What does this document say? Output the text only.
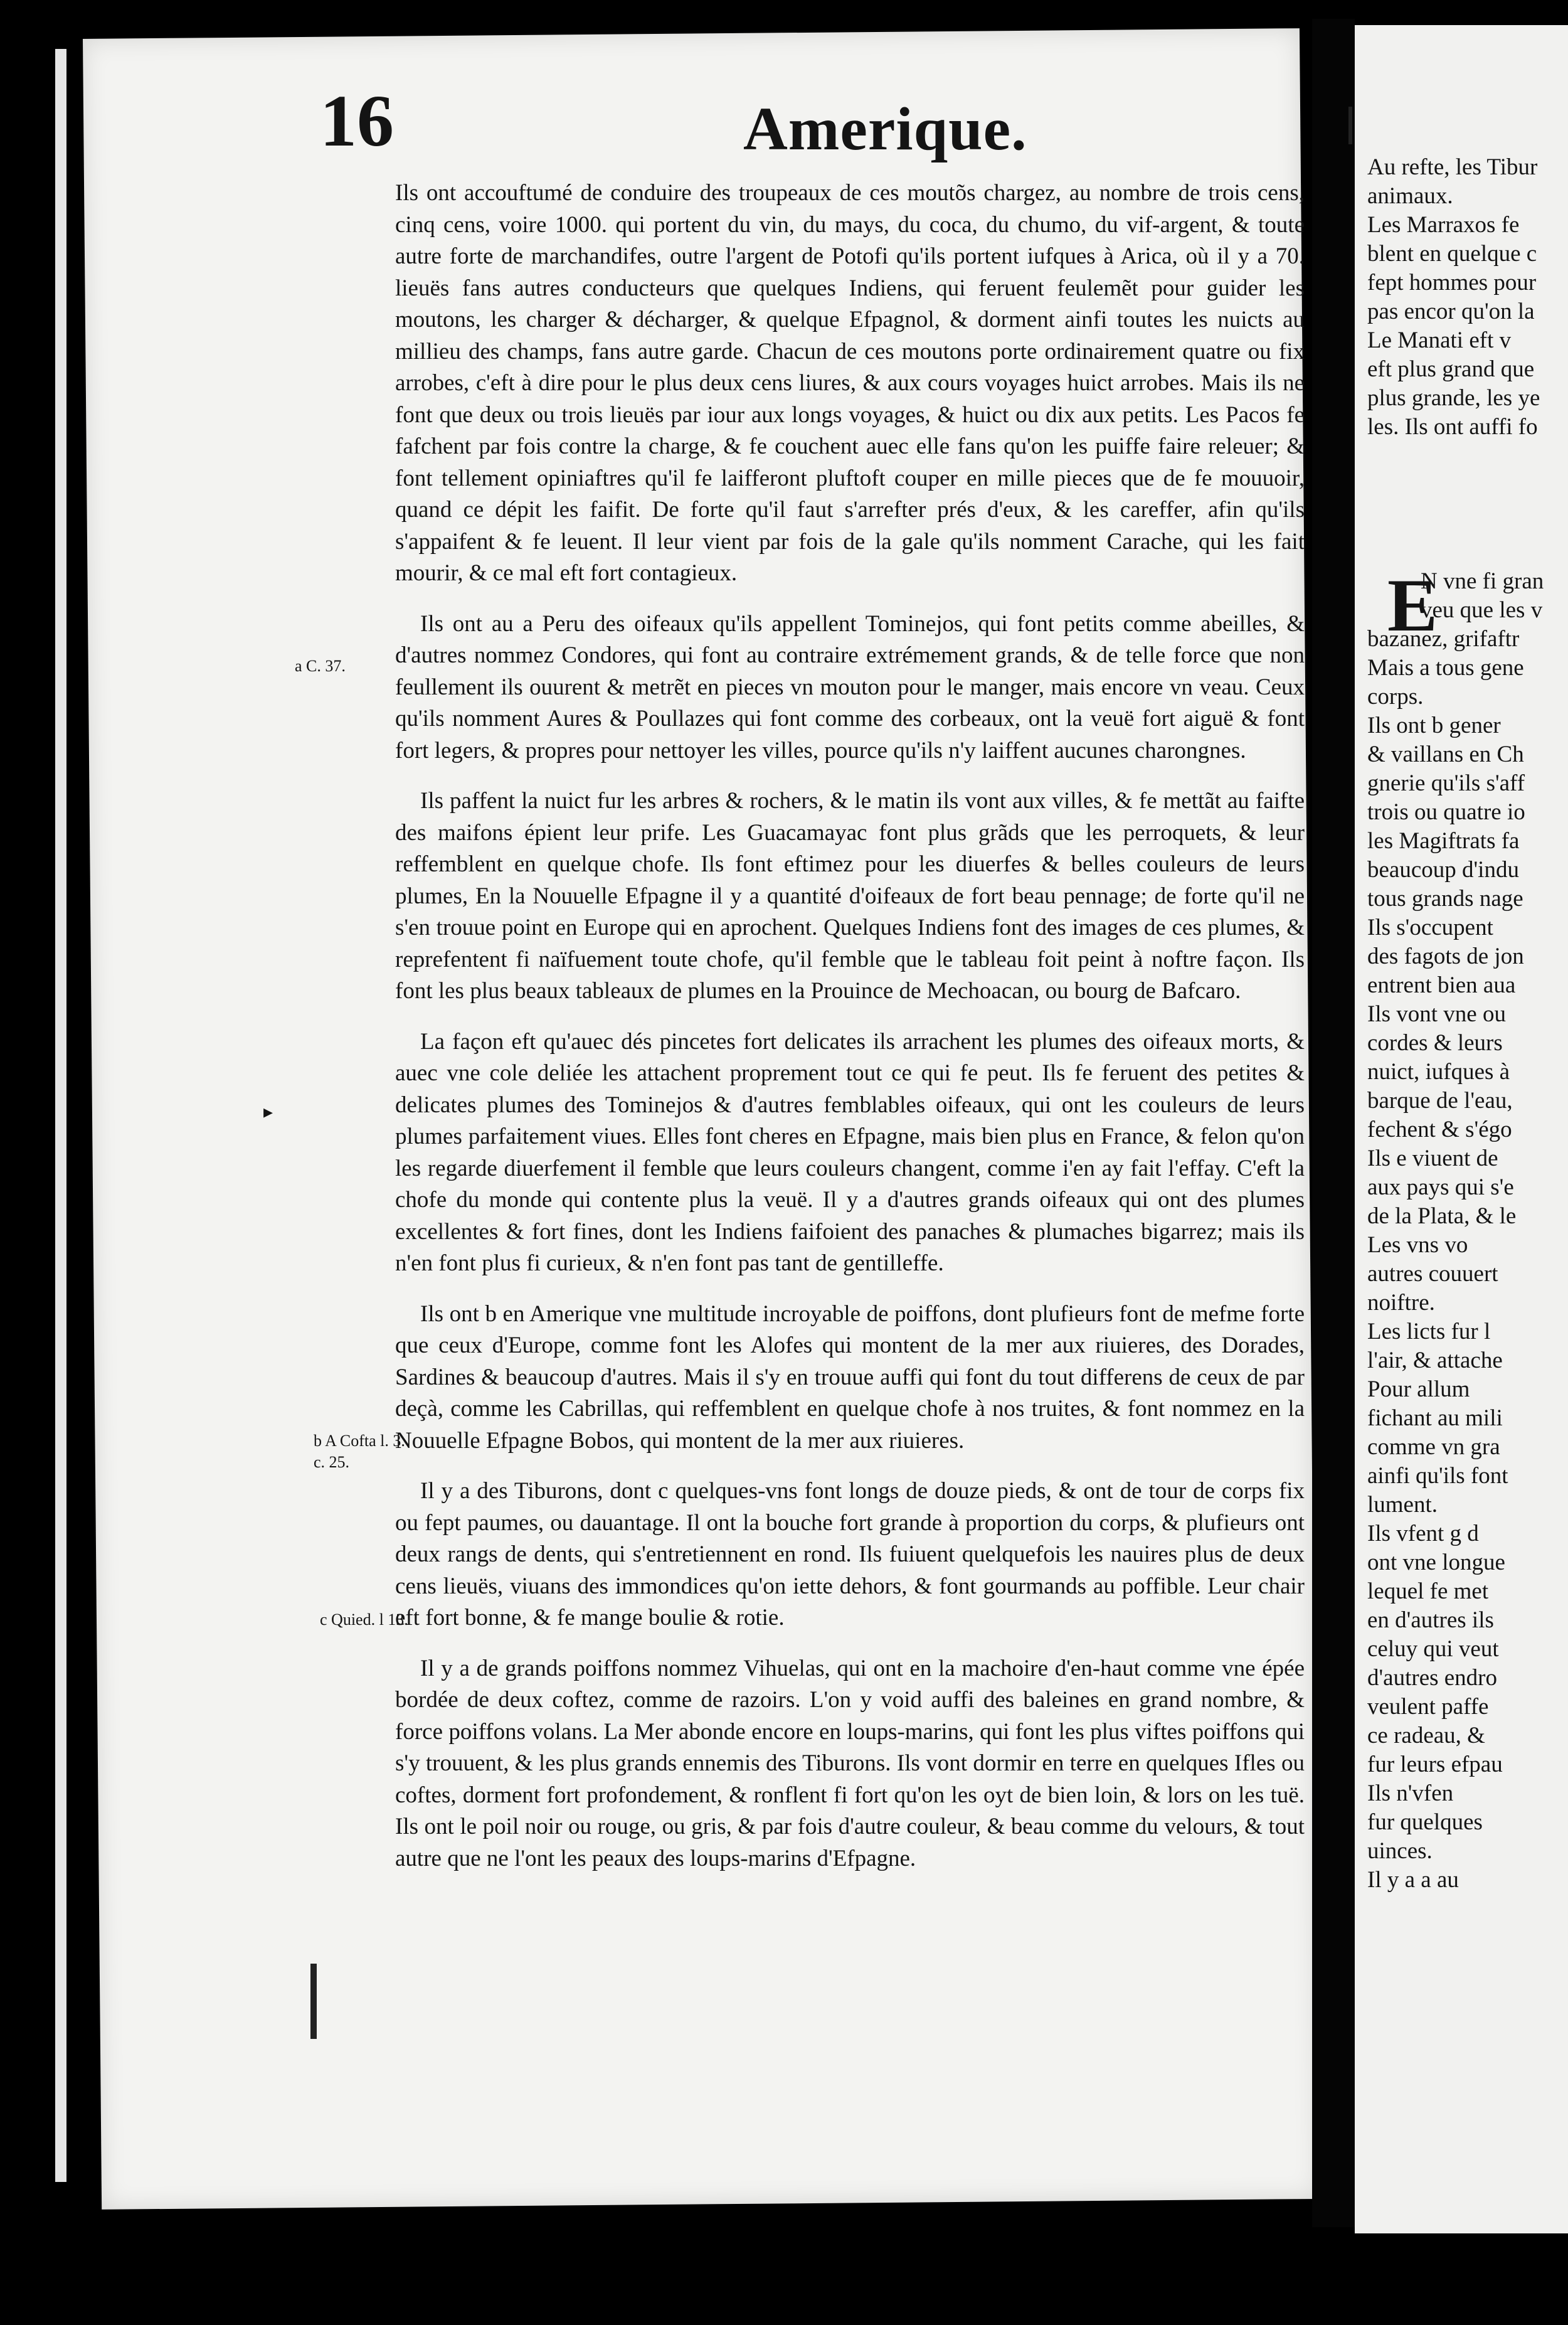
Au refte, les Tibur

animaux.

Les Marraxos fe

blent en quelque c

fept hommes pour

pas encor qu'on la

Le Manati eft v

eft plus grand que

plus grande, les ye

les. Ils ont auffi fo

N vne fi gran

veu que les v

bazanez, grifaftr

Mais a tous gene

corps.

Ils ont b gener

& vaillans en Ch

gnerie qu'ils s'aff

trois ou quatre io

les Magiftrats fa

beaucoup d'indu

tous grands nage

Ils s'occupent

des fagots de jon

entrent bien aua

Ils vont vne ou

cordes & leurs

nuict, iufques à

barque de l'eau,

fechent & s'égo

Ils e viuent de

aux pays qui s'e

de la Plata, & le

Les vns vo

autres couuert

noiftre.

Les licts fur l

l'air, & attache

Pour allum

fichant au mili

comme vn gra

ainfi qu'ils font

lument.

Ils vfent g d

ont vne longue

lequel fe met

en d'autres ils

celuy qui veut

d'autres endro

veulent paffe

ce radeau, &

fur leurs efpau

Ils n'vfen

fur quelques

uinces.

Il y a a au

E

16	Amerique.

Ils ont accouftumé de conduire des troupeaux de ces moutõs chargez, au nombre de trois cens, cinq cens, voire 1000. qui portent du vin, du mays, du coca, du chumo, du vif-argent, & toute autre forte de marchandifes, outre l'argent de Potofi qu'ils portent iufques à Arica, où il y a 70. lieuës fans autres conducteurs que quelques Indiens, qui feruent feulemẽt pour guider les moutons, les charger & décharger, & quelque Efpagnol, & dorment ainfi toutes les nuicts au millieu des champs, fans autre garde. Chacun de ces moutons porte ordinairement quatre ou fix arrobes, c'eft à dire pour le plus deux cens liures, & aux cours voyages huict arrobes. Mais ils ne font que deux ou trois lieuës par iour aux longs voyages, & huict ou dix aux petits. Les Pacos fe fafchent par fois contre la charge, & fe couchent auec elle fans qu'on les puiffe faire releuer; & font tellement opiniaftres qu'il fe laifferont pluftoft couper en mille pieces que de fe mouuoir, quand ce dépit les faifit. De forte qu'il faut s'arrefter prés d'eux, & les careffer, afin qu'ils s'appaifent & fe leuent. Il leur vient par fois de la gale qu'ils nomment Carache, qui les fait mourir, & ce mal eft fort contagieux.

Ils ont au a Peru des oifeaux qu'ils appellent Tominejos, qui font petits comme abeilles, & d'autres nommez Condores, qui font au contraire extrémement grands, & de telle force que non feullement ils ouurent & metrẽt en pieces vn mouton pour le manger, mais encore vn veau. Ceux qu'ils nomment Aures & Poullazes qui font comme des corbeaux, ont la veuë fort aiguë & font fort legers, & propres pour nettoyer les villes, pource qu'ils n'y laiffent aucunes charongnes.

Ils paffent la nuict fur les arbres & rochers, & le matin ils vont aux villes, & fe mettãt au faifte des maifons épient leur prife. Les Guacamayac font plus grãds que les perroquets, & leur reffemblent en quelque chofe. Ils font eftimez pour les diuerfes & belles couleurs de leurs plumes, En la Nouuelle Efpagne il y a quantité d'oifeaux de fort beau pennage; de forte qu'il ne s'en trouue point en Europe qui en aprochent. Quelques Indiens font des images de ces plumes, & reprefentent fi naïfuement toute chofe, qu'il femble que le tableau foit peint à noftre façon. Ils font les plus beaux tableaux de plumes en la Prouince de Mechoacan, ou bourg de Bafcaro.

La façon eft qu'auec dés pincetes fort delicates ils arrachent les plumes des oifeaux morts, & auec vne cole deliée les attachent proprement tout ce qui fe peut. Ils fe feruent des petites & delicates plumes des Tominejos & d'autres femblables oifeaux, qui ont les couleurs de leurs plumes parfaitement viues. Elles font cheres en Efpagne, mais bien plus en France, & felon qu'on les regarde diuerfement il femble que leurs couleurs changent, comme i'en ay fait l'effay. C'eft la chofe du monde qui contente plus la veuë. Il y a d'autres grands oifeaux qui ont des plumes excellentes & fort fines, dont les Indiens faifoient des panaches & plumaches bigarrez; mais ils n'en font plus fi curieux, & n'en font pas tant de gentilleffe.

Ils ont b en Amerique vne multitude incroyable de poiffons, dont plufieurs font de mefme forte que ceux d'Europe, comme font les Alofes qui montent de la mer aux riuieres, des Dorades, Sardines & beaucoup d'autres. Mais il s'y en trouue auffi qui font du tout differens de ceux de par deçà, comme les Cabrillas, qui reffemblent en quelque chofe à nos truites, & font nommez en la Nouuelle Efpagne Bobos, qui montent de la mer aux riuieres.

Il y a des Tiburons, dont c quelques-vns font longs de douze pieds, & ont de tour de corps fix ou fept paumes, ou dauantage. Il ont la bouche fort grande à proportion du corps, & plufieurs ont deux rangs de dents, qui s'entretiennent en rond. Ils fuiuent quelquefois les nauires plus de deux cens lieuës, viuans des immondices qu'on iette dehors, & font gourmands au poffible. Leur chair eft fort bonne, & fe mange boulie & rotie.

Il y a de grands poiffons nommez Vihuelas, qui ont en la machoire d'en-haut comme vne épée bordée de deux coftez, comme de razoirs. L'on y void auffi des baleines en grand nombre, & force poiffons volans. La Mer abonde encore en loups-marins, qui font les plus viftes poiffons qui s'y trouuent, & les plus grands ennemis des Tiburons. Ils vont dormir en terre en quelques Ifles ou coftes, dorment fort profondement, & ronflent fi fort qu'on les oyt de bien loin, & lors on les tuë. Ils ont le poil noir ou rouge, ou gris, & par fois d'autre couleur, & beau comme du velours, & tout autre que ne l'ont les peaux des loups-marins d'Efpagne.

a C. 37.

b A Cofta l. 3.
c. 25.

c Quied. l 13.

▸
